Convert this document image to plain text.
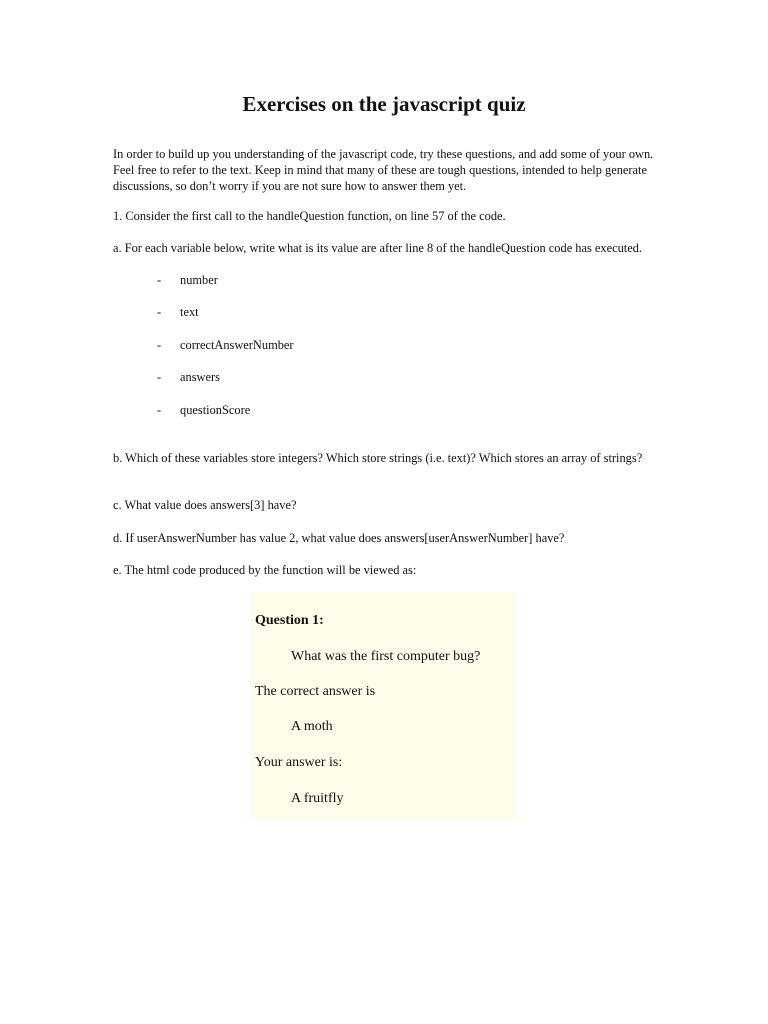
Exercises on the javascript quiz

In order to build up you understanding of the javascript code, try these questions, and add some of your own. Feel free to refer to the text. Keep in mind that many of these are tough questions, intended to help generate discussions, so don’t worry if you are not sure how to answer them yet.

1. Consider the first call to the handleQuestion function, on line 57 of the code.

a. For each variable below, write what is its value are after line 8 of the handleQuestion code has executed.

-	number
-	text
-	correctAnswerNumber
-	answers
-	questionScore

b. Which of these variables store integers? Which store strings (i.e. text)? Which stores an array of strings?

c. What value does answers[3] have?

d. If userAnswerNumber has value 2, what value does answers[userAnswerNumber] have?

e. The html code produced by the function will be viewed as:

Question 1:
What was the first computer bug?
The correct answer is
A moth
Your answer is:
A fruitfly
